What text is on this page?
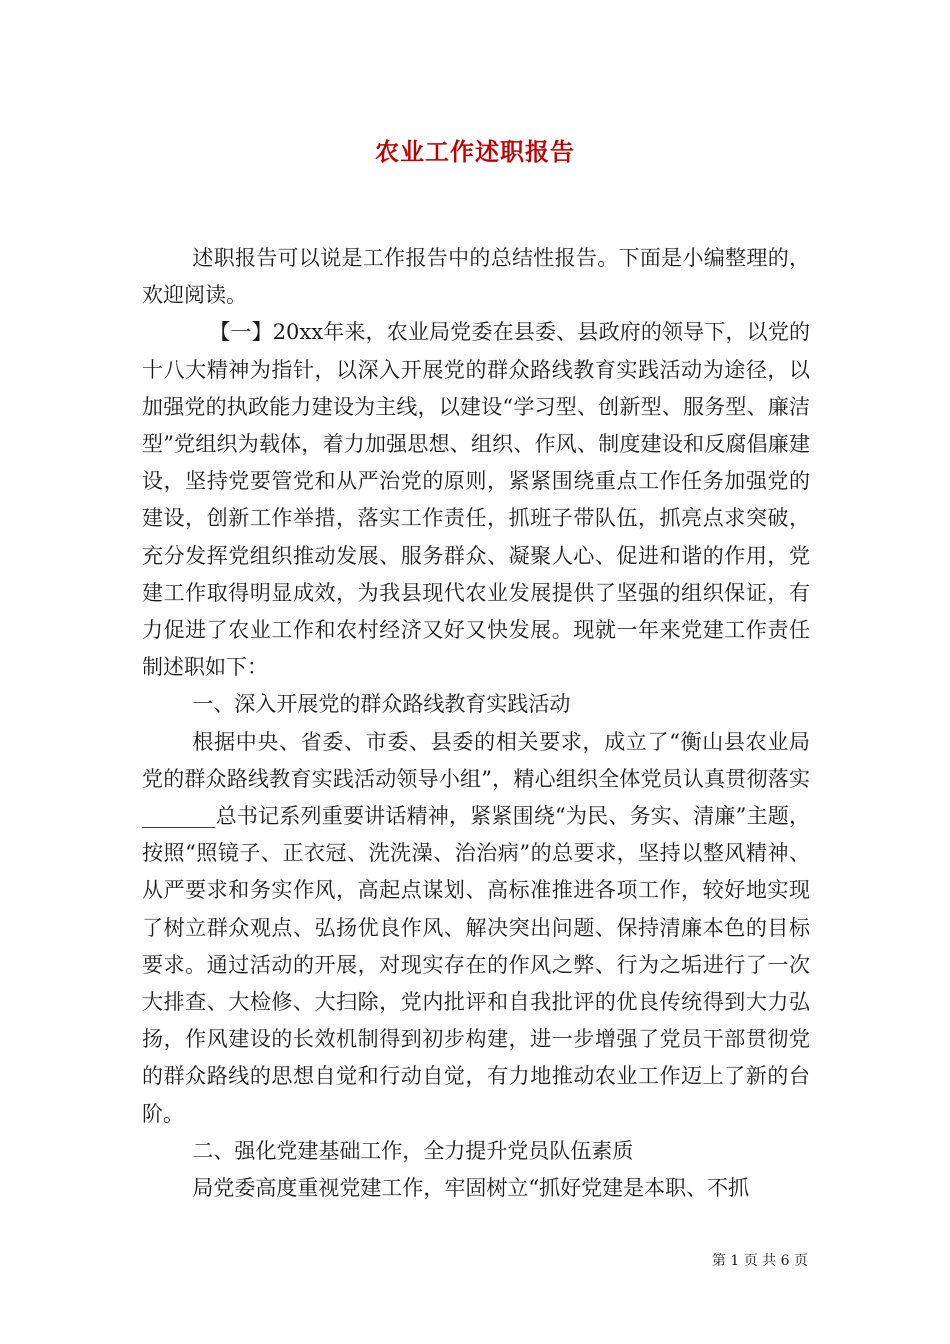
农业工作述职报告

述职报告可以说是工作报告中的总结性报告。下面是小编整理的，欢迎阅读。

【一】20xx年来，农业局党委在县委、县政府的领导下，以党的十八大精神为指针，以深入开展党的群众路线教育实践活动为途径，以加强党的执政能力建设为主线，以建设“学习型、创新型、服务型、廉洁型”党组织为载体，着力加强思想、组织、作风、制度建设和反腐倡廉建设，坚持党要管党和从严治党的原则，紧紧围绕重点工作任务加强党的建设，创新工作举措，落实工作责任，抓班子带队伍，抓亮点求突破，充分发挥党组织推动发展、服务群众、凝聚人心、促进和谐的作用，党建工作取得明显成效，为我县现代农业发展提供了坚强的组织保证，有力促进了农业工作和农村经济又好又快发展。现就一年来党建工作责任制述职如下：

一、深入开展党的群众路线教育实践活动

根据中央、省委、市委、县委的相关要求，成立了“衡山县农业局党的群众路线教育实践活动领导小组”，精心组织全体党员认真贯彻落实_______总书记系列重要讲话精神，紧紧围绕“为民、务实、清廉”主题，按照“照镜子、正衣冠、洗洗澡、治治病”的总要求，坚持以整风精神、从严要求和务实作风，高起点谋划、高标准推进各项工作，较好地实现了树立群众观点、弘扬优良作风、解决突出问题、保持清廉本色的目标要求。通过活动的开展，对现实存在的作风之弊、行为之垢进行了一次大排查、大检修、大扫除，党内批评和自我批评的优良传统得到大力弘扬，作风建设的长效机制得到初步构建，进一步增强了党员干部贯彻党的群众路线的思想自觉和行动自觉，有力地推动农业工作迈上了新的台阶。

二、强化党建基础工作，全力提升党员队伍素质

局党委高度重视党建工作，牢固树立“抓好党建是本职、不抓

第 1 页 共 6 页
